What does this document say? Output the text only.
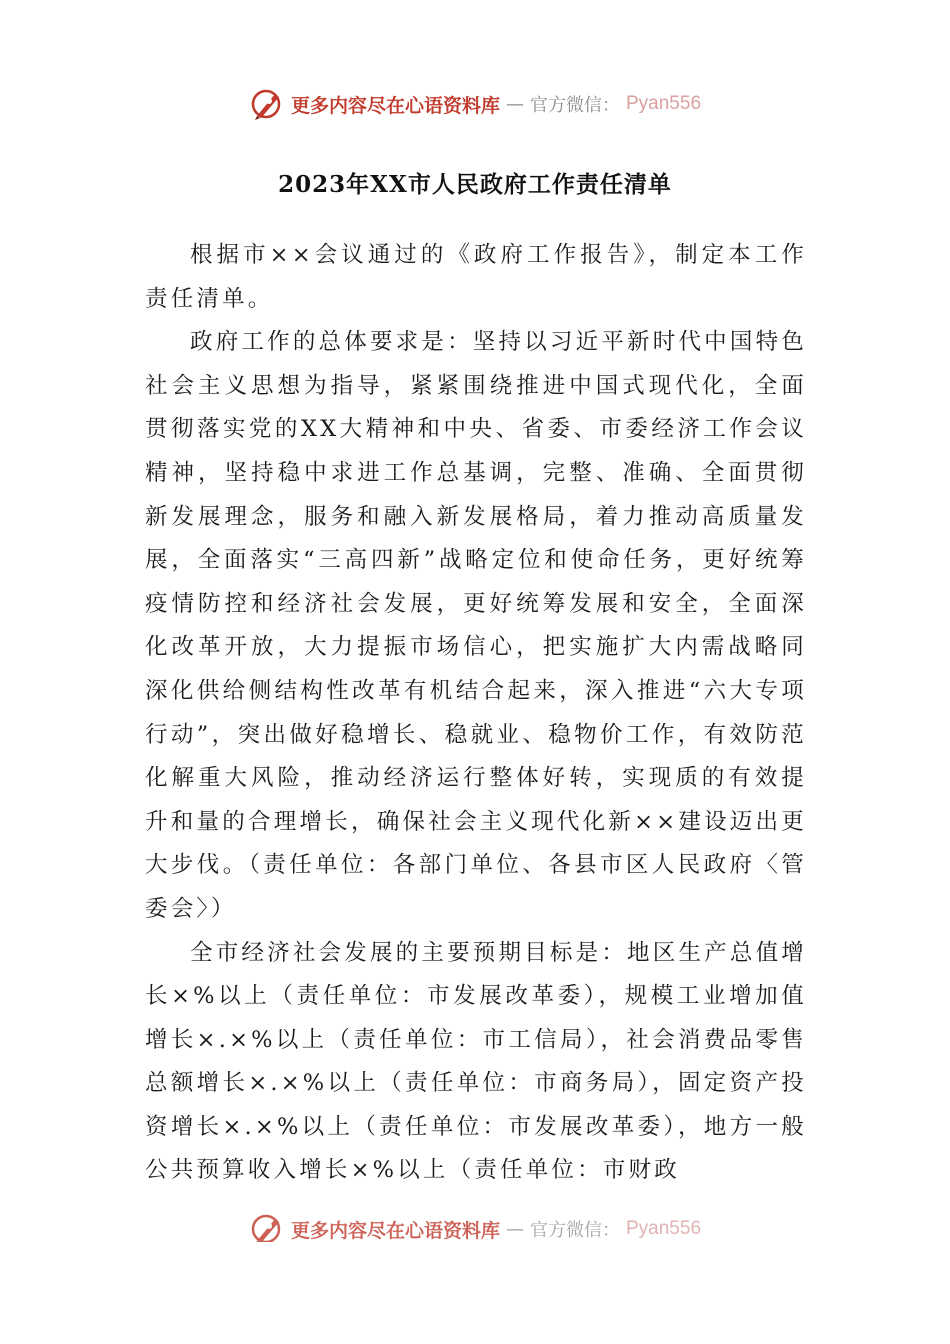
更多内容尽在心语资料库 — 官方微信： Pyan556
2023年XX市人民政府工作责任清单

根据市××会议通过的《政府工作报告》，制定本工作责任清单。

政府工作的总体要求是：坚持以习近平新时代中国特色社会主义思想为指导，紧紧围绕推进中国式现代化，全面贯彻落实党的XX大精神和中央、省委、市委经济工作会议精神，坚持稳中求进工作总基调，完整、准确、全面贯彻新发展理念，服务和融入新发展格局，着力推动高质量发展，全面落实“三高四新”战略定位和使命任务，更好统筹疫情防控和经济社会发展，更好统筹发展和安全，全面深化改革开放，大力提振市场信心，把实施扩大内需战略同深化供给侧结构性改革有机结合起来，深入推进“六大专项行动”，突出做好稳增长、稳就业、稳物价工作，有效防范化解重大风险，推动经济运行整体好转，实现质的有效提升和量的合理增长，确保社会主义现代化新××建设迈出更大步伐。（责任单位：各部门单位、各县市区人民政府〈管委会〉）

全市经济社会发展的主要预期目标是：地区生产总值增长×%以上（责任单位：市发展改革委），规模工业增加值增长×.×%以上（责任单位：市工信局），社会消费品零售总额增长×.×%以上（责任单位：市商务局），固定资产投资增长×.×%以上（责任单位：市发展改革委），地方一般公共预算收入增长×%以上（责任单位：市财政

更多内容尽在心语资料库 — 官方微信： Pyan556
